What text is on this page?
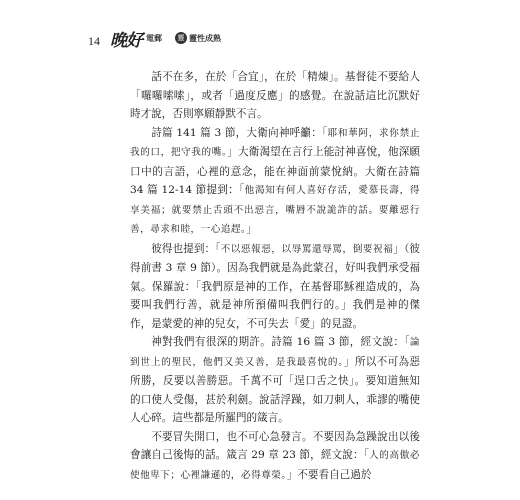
14 晚好 電郵	靈 靈性成熟

話不在多，在於「合宜」，在於「精煉」。基督徒不要給人「囉囉嗦嗦」，或者「過度反應」的感覺。在說話這比沉默好時才說，否則寧願靜默不言。

詩篇 141 篇 3 節，大衛向神呼籲：「耶和華阿，求你禁止我的口，把守我的嘴。」大衛渴望在言行上能討神喜悅，他深願口中的言語，心裡的意念，能在神面前蒙悅納。大衛在詩篇 34 篇 12-14 節提到：「他渴知有何人喜好存活，愛慕長壽，得享美福；就要禁止舌頭不出惡言，嘴脣不說詭詐的話。要離惡行善，尋求和睦，一心追趕。」

彼得也提到：「不以惡報惡，以辱罵還辱罵，倒要祝福」（彼得前書 3 章 9 節）。因為我們就是為此蒙召，好叫我們承受福氣。保羅說：「我們原是神的工作，在基督耶穌裡造成的，為要叫我們行善，就是神所預備叫我們行的。」我們是神的傑作，是蒙愛的神的兒女，不可失去「愛」的見證。

神對我們有很深的期許。詩篇 16 篇 3 節，經文說：「論到世上的聖民，他們又美又善，是我最喜悅的。」所以不可為惡所勝，反要以善勝惡。千萬不可「逞口舌之快」。要知道無知的口使人受傷，甚於利劍。說話浮躁，如刀刺人，乖謬的嘴使人心碎。這些都是所羅門的箴言。

不要冒失開口，也不可心急發言。不要因為急躁說出以後會讓自己後悔的話。箴言 29 章 23 節，經文說：「人的高傲必使他卑下；心裡謙遜的，必得尊榮。」不要看自己過於
